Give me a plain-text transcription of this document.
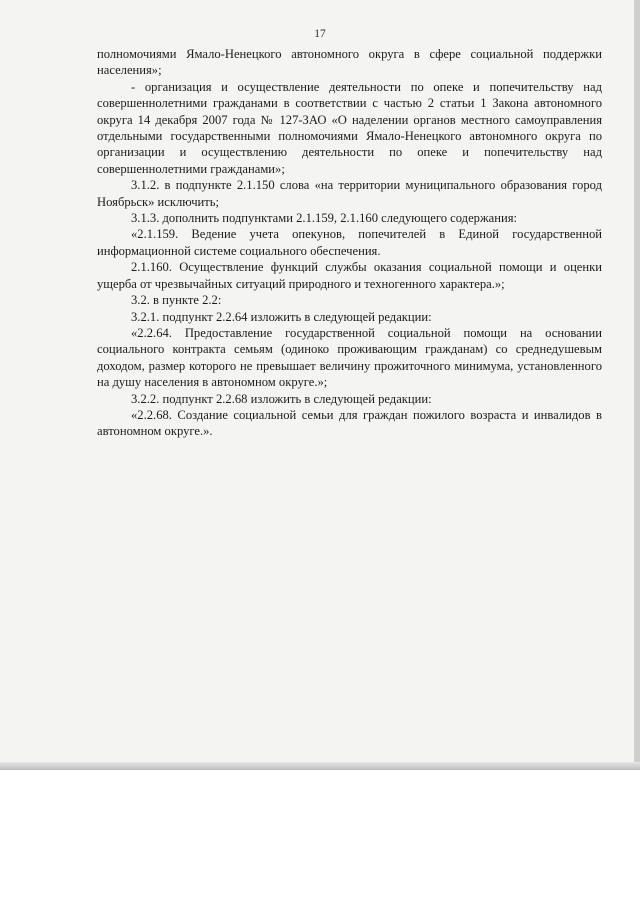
17

полномочиями Ямало-Ненецкого автономного округа в сфере социальной поддержки населения»;

- организация и осуществление деятельности по опеке и попечительству над совершеннолетними гражданами в соответствии с частью 2 статьи 1 Закона автономного округа 14 декабря 2007 года № 127-ЗАО «О наделении органов местного самоуправления отдельными государственными полномочиями Ямало-Ненецкого автономного округа по организации и осуществлению деятельности по опеке и попечительству над совершеннолетними гражданами»;

3.1.2. в подпункте 2.1.150 слова «на территории муниципального образования город Ноябрьск» исключить;

3.1.3. дополнить подпунктами 2.1.159, 2.1.160 следующего содержания:

«2.1.159. Ведение учета опекунов, попечителей в Единой государственной информационной системе социального обеспечения.

2.1.160. Осуществление функций службы оказания социальной помощи и оценки ущерба от чрезвычайных ситуаций природного и техногенного характера.»;

3.2. в пункте 2.2:

3.2.1. подпункт 2.2.64 изложить в следующей редакции:

«2.2.64. Предоставление государственной социальной помощи на основании социального контракта семьям (одиноко проживающим гражданам) со среднедушевым доходом, размер которого не превышает величину прожиточного минимума, установленного на душу населения в автономном округе.»;

3.2.2. подпункт 2.2.68 изложить в следующей редакции:

«2.2.68. Создание социальной семьи для граждан пожилого возраста и инвалидов в автономном округе.».
